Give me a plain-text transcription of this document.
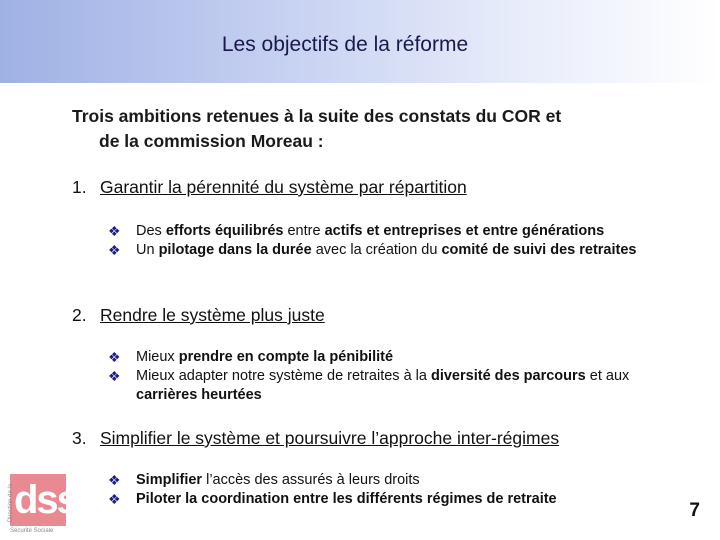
Les objectifs de la réforme
Trois ambitions retenues à la suite des constats du COR et
de la commission Moreau :
1. Garantir la pérennité du système par répartition
❖ Des efforts équilibrés entre actifs et entreprises et entre générations
❖ Un pilotage dans la durée avec la création du comité de suivi des retraites
2. Rendre le système plus juste
❖ Mieux prendre en compte la pénibilité
❖ Mieux adapter notre système de retraites à la diversité des parcours et aux carrières heurtées
3. Simplifier le système et poursuivre l’approche inter-régimes
❖ Simplifier l’accès des assurés à leurs droits
❖ Piloter la coordination entre les différents régimes de retraite
dss
Direction de la
Sécurité Sociale
7
